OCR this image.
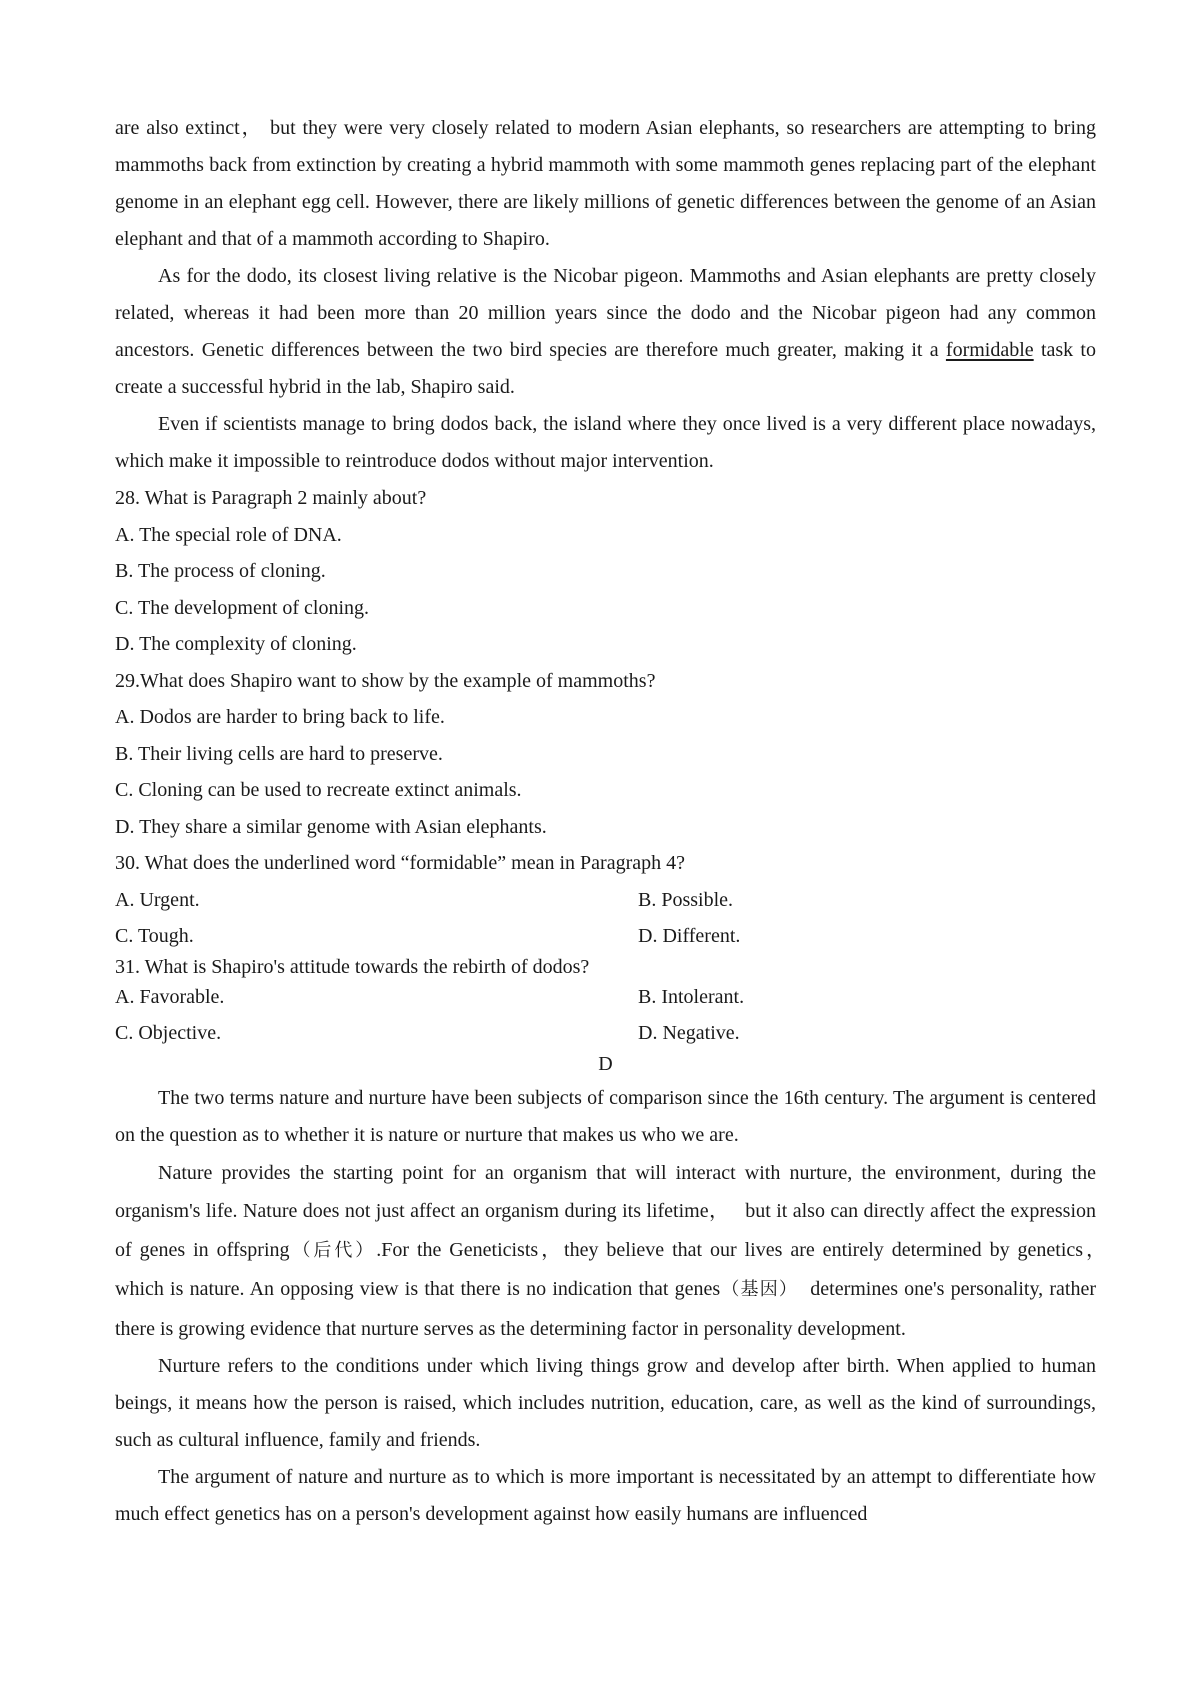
are also extinct， but they were very closely related to modern Asian elephants, so researchers are attempting to bring mammoths back from extinction by creating a hybrid mammoth with some mammoth genes replacing part of the elephant genome in an elephant egg cell. However, there are likely millions of genetic differences between the genome of an Asian elephant and that of a mammoth according to Shapiro.

As for the dodo, its closest living relative is the Nicobar pigeon. Mammoths and Asian elephants are pretty closely related, whereas it had been more than 20 million years since the dodo and the Nicobar pigeon had any common ancestors. Genetic differences between the two bird species are therefore much greater, making it a formidable task to create a successful hybrid in the lab, Shapiro said.

Even if scientists manage to bring dodos back, the island where they once lived is a very different place nowadays, which make it impossible to reintroduce dodos without major intervention.

28. What is Paragraph 2 mainly about?

A. The special role of DNA.

B. The process of cloning.

C. The development of cloning.

D. The complexity of cloning.

29.What does Shapiro want to show by the example of mammoths?

A. Dodos are harder to bring back to life.

B. Their living cells are hard to preserve.

C. Cloning can be used to recreate extinct animals.

D. They share a similar genome with Asian elephants.

30. What does the underlined word “formidable” mean in Paragraph 4?

A. Urgent.	B. Possible.
C. Tough.	D. Different.

31. What is Shapiro's attitude towards the rebirth of dodos?

A. Favorable.	B. Intolerant.
C. Objective.	D. Negative.

D

The two terms nature and nurture have been subjects of comparison since the 16th century. The argument is centered on the question as to whether it is nature or nurture that makes us who we are.

Nature provides the starting point for an organism that will interact with nurture, the environment, during the organism's life. Nature does not just affect an organism during its lifetime，　 but it also can directly affect the expression of genes in offspring（后代）.For the Geneticists，they believe that our lives are entirely determined by genetics，　which is nature. An opposing view is that there is no indication that genes（基因）　determines one's personality, rather there is growing evidence that nurture serves as the determining factor in personality development.

Nurture refers to the conditions under which living things grow and develop after birth. When applied to human beings, it means how the person is raised, which includes nutrition, education, care, as well as the kind of surroundings, such as cultural influence, family and friends.

The argument of nature and nurture as to which is more important is necessitated by an attempt to differentiate how much effect genetics has on a person's development against how easily humans are influenced
